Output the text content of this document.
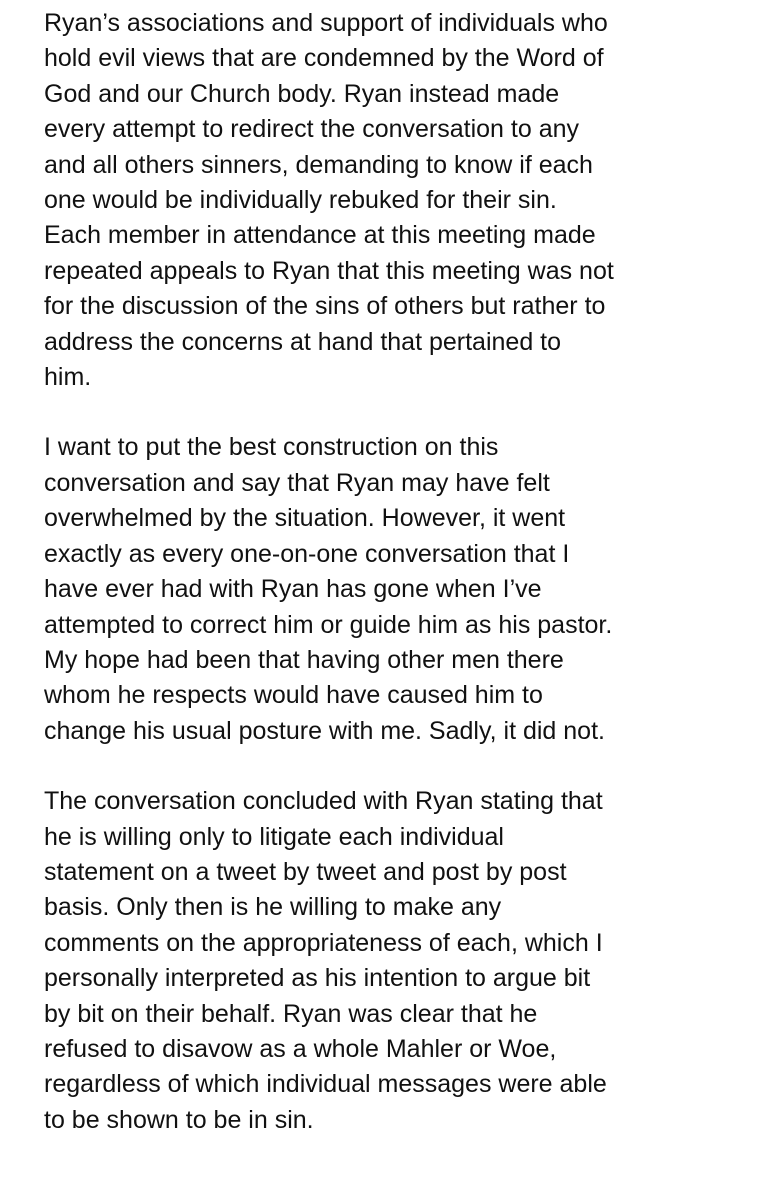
Ryan’s associations and support of individuals who
hold evil views that are condemned by the Word of
God and our Church body. Ryan instead made
every attempt to redirect the conversation to any
and all others sinners, demanding to know if each
one would be individually rebuked for their sin.
Each member in attendance at this meeting made
repeated appeals to Ryan that this meeting was not
for the discussion of the sins of others but rather to
address the concerns at hand that pertained to
him.

I want to put the best construction on this
conversation and say that Ryan may have felt
overwhelmed by the situation. However, it went
exactly as every one-on-one conversation that I
have ever had with Ryan has gone when I’ve
attempted to correct him or guide him as his pastor.
My hope had been that having other men there
whom he respects would have caused him to
change his usual posture with me. Sadly, it did not.

The conversation concluded with Ryan stating that
he is willing only to litigate each individual
statement on a tweet by tweet and post by post
basis. Only then is he willing to make any
comments on the appropriateness of each, which I
personally interpreted as his intention to argue bit
by bit on their behalf. Ryan was clear that he
refused to disavow as a whole Mahler or Woe,
regardless of which individual messages were able
to be shown to be in sin.
